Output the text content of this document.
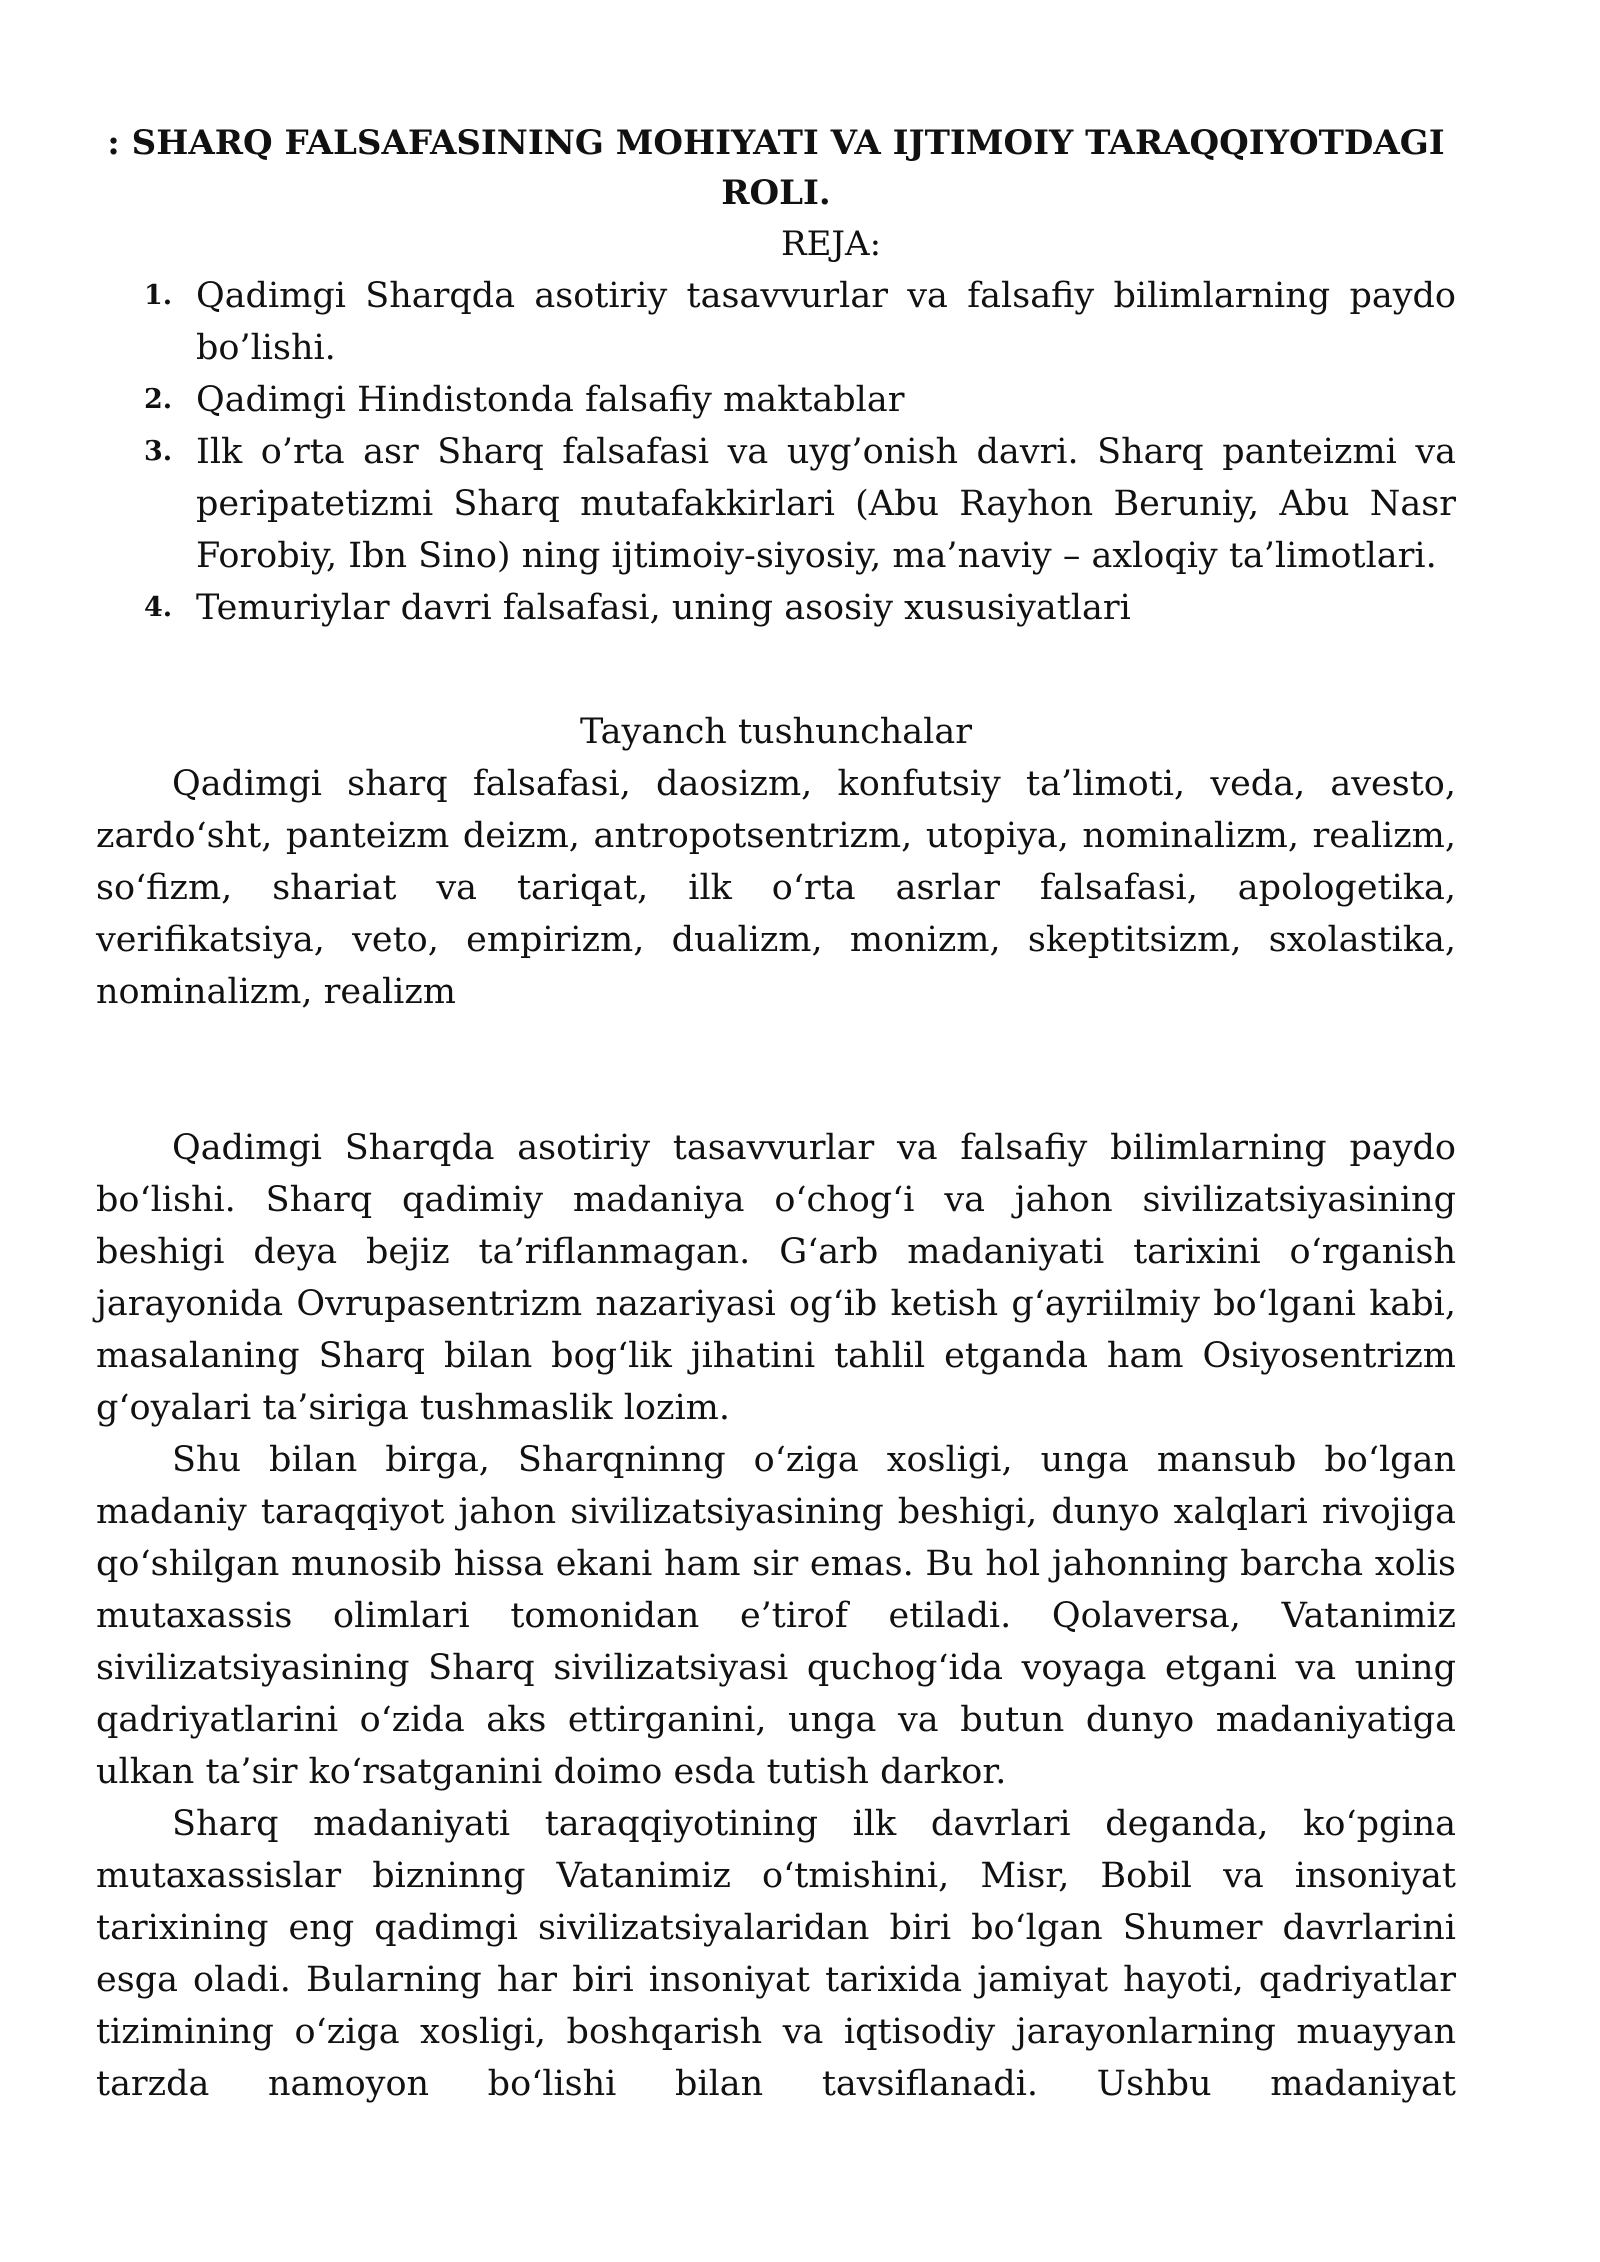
: SHARQ FALSAFASINING MOHIYATI VA IJTIMOIY TARAQQIYOTDAGI ROLI.
REJA:
1. Qadimgi Sharqda asotiriy tasavvurlar va falsafiy bilimlarning paydo bo’lishi.
2. Qadimgi Hindistonda falsafiy maktablar
3. Ilk o’rta asr Sharq falsafasi va uyg’onish davri. Sharq panteizmi va peripatetizmi Sharq mutafakkirlari (Abu Rayhon Beruniy, Abu Nasr Forobiy, Ibn Sino) ning ijtimoiy-siyosiy, ma’naviy – axloqiy ta’limotlari.
4. Temuriylar davri falsafasi, uning asosiy xususiyatlari
Tayanch tushunchalar

Qadimgi sharq falsafasi, daosizm, konfutsiy ta’limoti, veda, avesto, zardo‘sht, panteizm deizm, antropotsentrizm, utopiya, nominalizm, realizm, so‘fizm, shariat va tariqat, ilk o‘rta asrlar falsafasi, apologetika, verifikatsiya, veto, empirizm, dualizm, monizm, skeptitsizm, sxolastika, nominalizm, realizm

Qadimgi Sharqda asotiriy tasavvurlar va falsafiy bilimlarning paydo bo‘lishi. Sharq qadimiy madaniya o‘chog‘i va jahon sivilizatsiyasining beshigi deya bejiz ta’riflanmagan. G‘arb madaniyati tarixini o‘rganish jarayonida Ovrupasentrizm nazariyasi og‘ib ketish g‘ayriilmiy bo‘lgani kabi, masalaning Sharq bilan bog‘lik jihatini tahlil etganda ham Osiyosentrizm g‘oyalari ta’siriga tushmaslik lozim.

Shu bilan birga, Sharqninng o‘ziga xosligi, unga mansub bo‘lgan madaniy taraqqiyot jahon sivilizatsiyasining beshigi, dunyo xalqlari rivojiga qo‘shilgan munosib hissa ekani ham sir emas. Bu hol jahonning barcha xolis mutaxassis olimlari tomonidan e’tirof etiladi. Qolaversa, Vatanimiz sivilizatsiyasining Sharq sivilizatsiyasi quchog‘ida voyaga etgani va uning qadriyatlarini o‘zida aks ettirganini, unga va butun dunyo madaniyatiga ulkan ta’sir ko‘rsatganini doimo esda tutish darkor.

Sharq madaniyati taraqqiyotining ilk davrlari deganda, ko‘pgina mutaxassislar bizninng Vatanimiz o‘tmishini, Misr, Bobil va insoniyat tarixining eng qadimgi sivilizatsiyalaridan biri bo‘lgan Shumer davrlarini esga oladi. Bularning har biri insoniyat tarixida jamiyat hayoti, qadriyatlar tizimining o‘ziga xosligi, boshqarish va iqtisodiy jarayonlarning muayyan tarzda namoyon bo‘lishi bilan tavsiflanadi. Ushbu madaniyat
